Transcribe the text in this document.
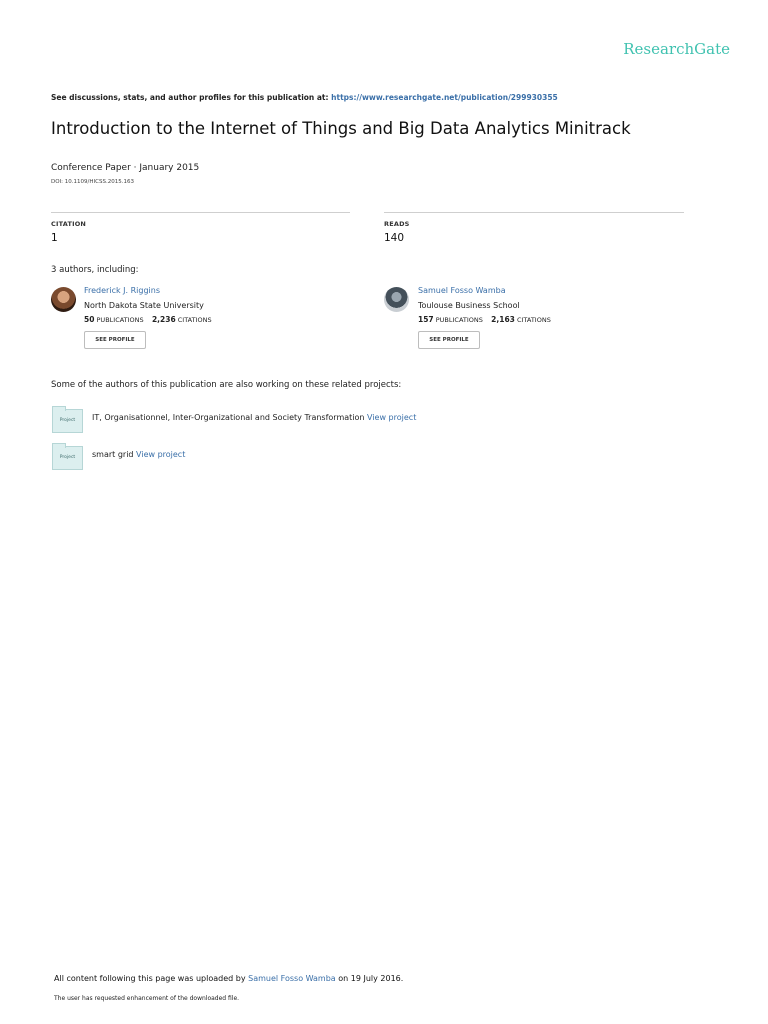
ResearchGate
See discussions, stats, and author profiles for this publication at: https://www.researchgate.net/publication/299930355
Introduction to the Internet of Things and Big Data Analytics Minitrack
Conference Paper · January 2015
DOI: 10.1109/HICSS.2015.163
CITATION
1
READS
140
3 authors, including:
Frederick J. Riggins
North Dakota State University
50 PUBLICATIONS 2,236 CITATIONS
SEE PROFILE
Samuel Fosso Wamba
Toulouse Business School
157 PUBLICATIONS 2,163 CITATIONS
SEE PROFILE
Some of the authors of this publication are also working on these related projects:
Project	IT, Organisationnel, Inter-Organizational and Society Transformation View project
Project	smart grid View project
All content following this page was uploaded by Samuel Fosso Wamba on 19 July 2016.
The user has requested enhancement of the downloaded file.
